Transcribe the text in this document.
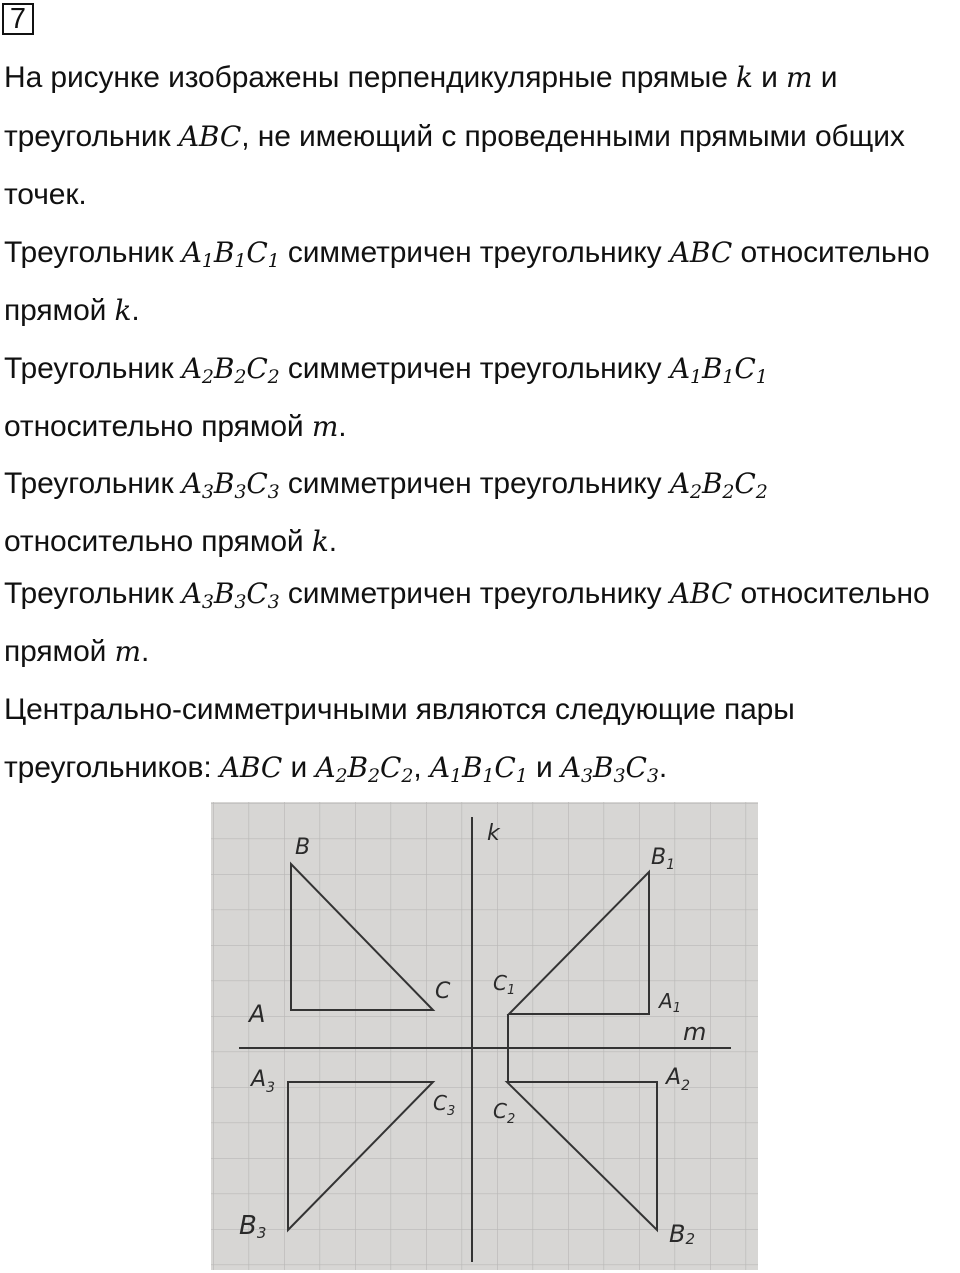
7
На рисунке изображены перпендикулярные прямые k и m и
треугольник ABC, не имеющий с проведенными прямыми общих
точек.
Треугольник $A_1B_1C_1$ симметричен треугольнику ABC относительно
прямой k.
Треугольник $A_2B_2C_2$ симметричен треугольнику $A_1B_1C_1$
относительно прямой m.
Треугольник $A_3B_3C_3$ симметричен треугольнику $A_2B_2C_2$
относительно прямой k.
Треугольник $A_3B_3C_3$ симметричен треугольнику ABC относительно
прямой m.
Центрально-симметричными являются следующие пары
треугольников: ABC и $A_2B_2C_2$, $A_1B_1C_1$ и $A_3B_3C_3$.
B
C
A
k
$B_1$
$C_1$	$A_1$
m
$A_3$
$C_3$ $C_2$
$A_2$
B3	B2
